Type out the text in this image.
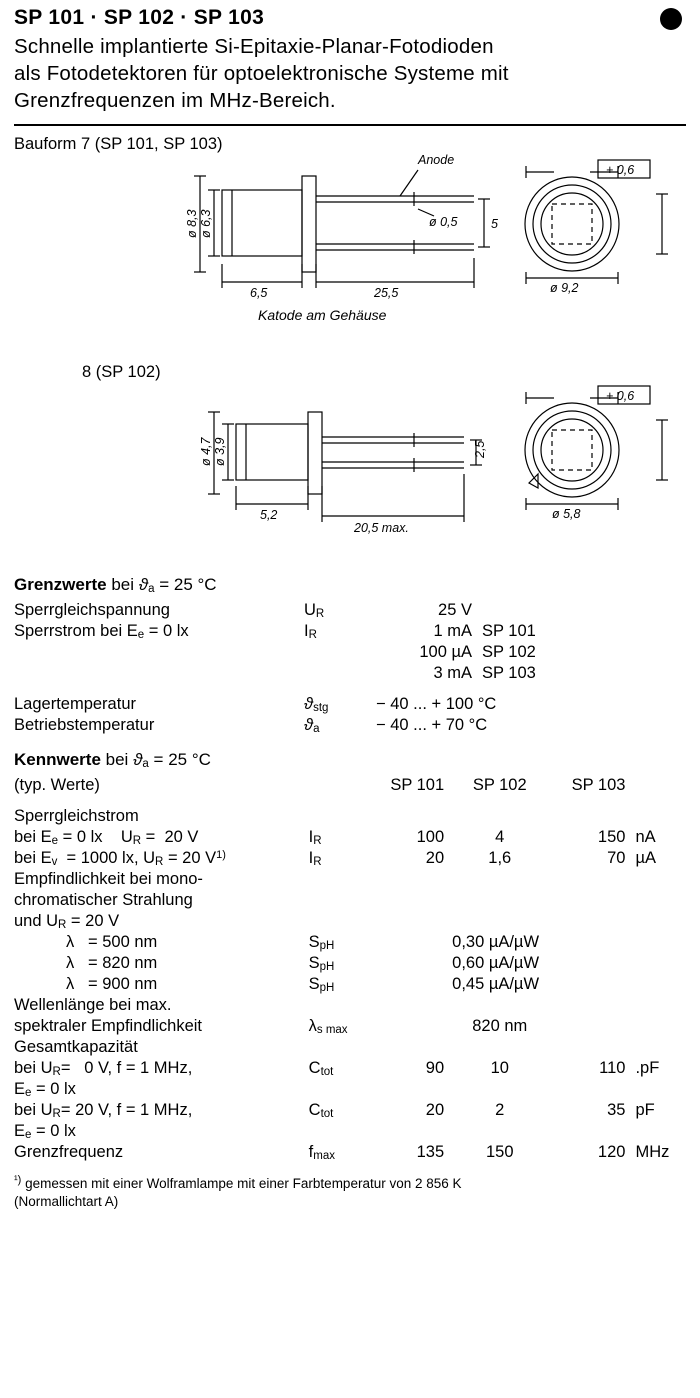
SP 101 · SP 102 · SP 103
Schnelle implantierte Si-Epitaxie-Planar-Fotodioden
als Fotodetektoren für optoelektronische Systeme mit
Grenzfrequenzen im MHz-Bereich.
Bauform 7 (SP 101, SP 103)
Anode
ø 8,3 ø 6,3
6,5	25,5
ø 0,5	5
Katode am Gehäuse
ø 9,2
+ 0,6
8 (SP 102)
ø 4,7 ø 3,9
5,2
20,5 max.
2,5
ø 5,8
+ 0,6
Grenzwerte bei ϑa = 25 °C
Sperrgleichspannung	UR	25 V	
Sperrstrom bei Ee = 0 lx	IR	1 mA	SP 101
		100 µA	SP 102
		3 mA	SP 103

Lagertemperatur	ϑstg	− 40 ... + 100 °C	
Betriebstemperatur	ϑa	− 40 ... + 70 °C	
Kennwerte bei ϑa = 25 °C
(typ. Werte)		SP 101	SP 102	SP 103	

Sperrgleichstrom					
bei Ee = 0 lx    UR =  20 V	IR	100	4	150	nA
bei Ev  = 1000 lx, UR = 20 $V^{1)}$	IR	20	1,6	70	µA
Empfindlichkeit bei mono-					
chromatischer Strahlung					
und UR = 20 V					
λ   = 500 nm	SpH		0,30 µA/µW		
λ   = 820 nm	SpH		0,60 µA/µW		
λ   = 900 nm	SpH		0,45 µA/µW		
Wellenlänge bei max.					
spektraler Empfindlichkeit	λs max		820 nm		
Gesamtkapazität					
bei UR=   0 V, f = 1 MHz,	Ctot	90	10	110	.pF
Ee = 0 lx					
bei UR= 20 V, f = 1 MHz,	Ctot	20	2	35	pF
Ee = 0 lx					
Grenzfrequenz	fmax	135	150	120	MHz
$^{^1)}$ gemessen mit einer Wolframlampe mit einer Farbtemperatur von 2 856 K
(Normallichtart A)
